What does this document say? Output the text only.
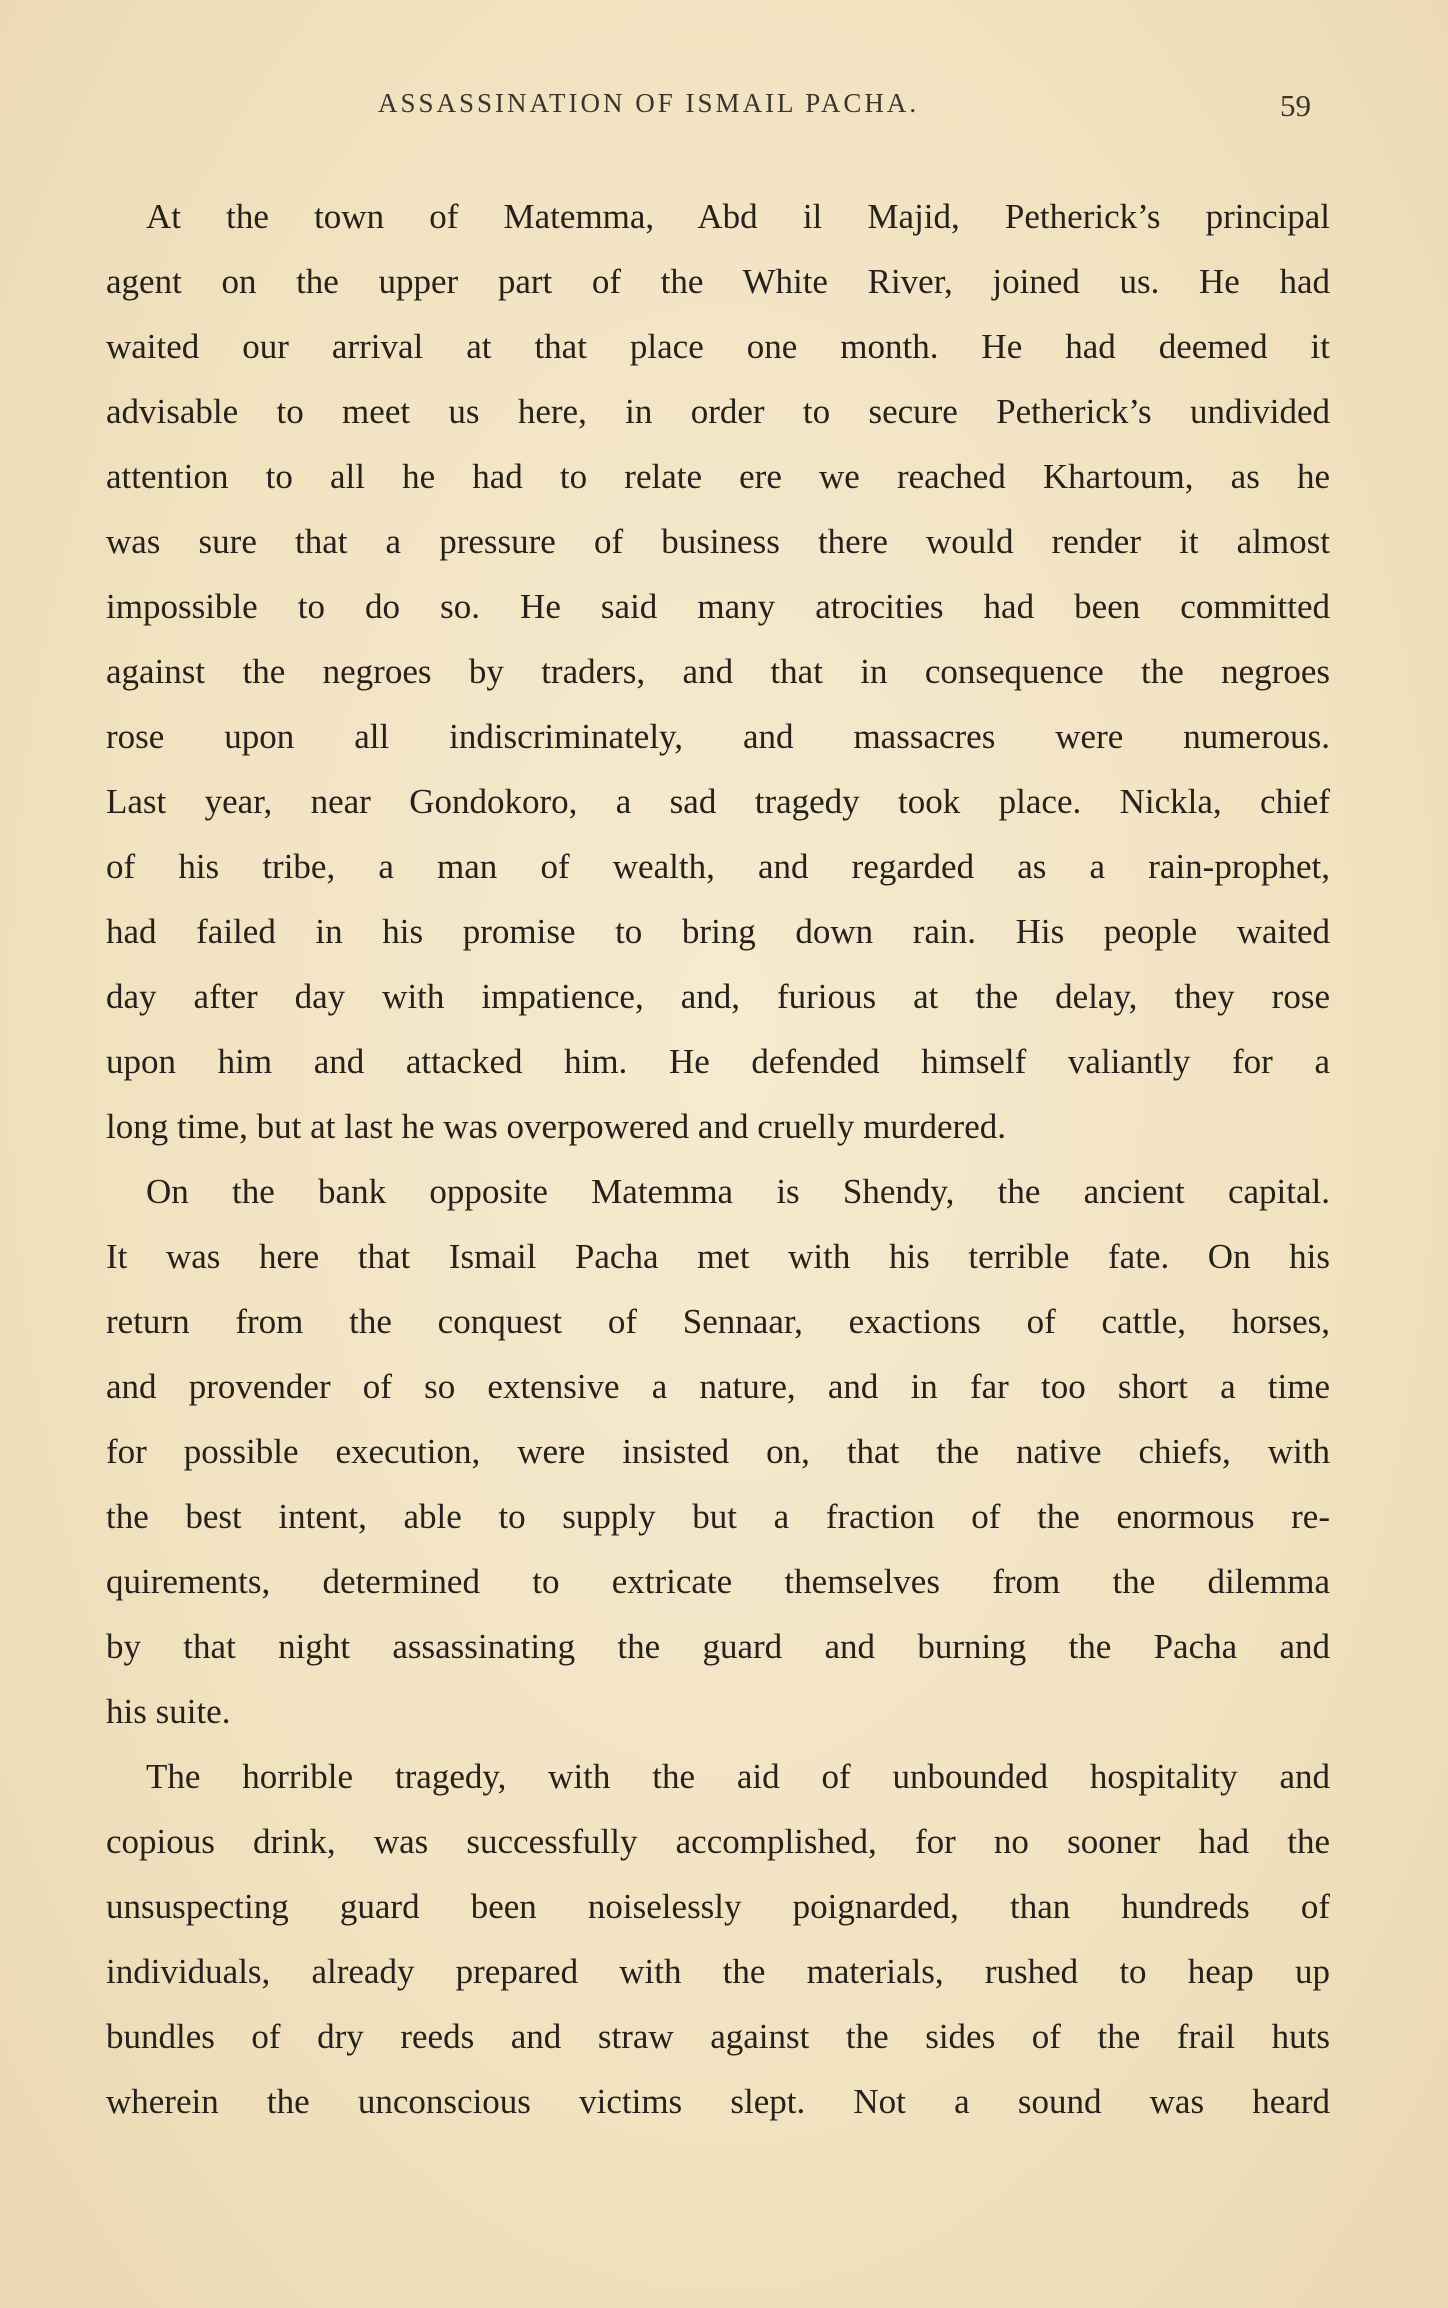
ASSASSINATION OF ISMAIL PACHA.	59
At the town of Matemma, Abd il Majid, Petherick’s principal
agent on the upper part of the White River, joined us. He had
waited our arrival at that place one month. He had deemed it
advisable to meet us here, in order to secure Petherick’s undivided
attention to all he had to relate ere we reached Khartoum, as he
was sure that a pressure of business there would render it almost
impossible to do so. He said many atrocities had been committed
against the negroes by traders, and that in consequence the negroes
rose upon all indiscriminately, and massacres were numerous.
Last year, near Gondokoro, a sad tragedy took place. Nickla, chief
of his tribe, a man of wealth, and regarded as a rain-prophet,
had failed in his promise to bring down rain. His people waited
day after day with impatience, and, furious at the delay, they rose
upon him and attacked him. He defended himself valiantly for a
long time, but at last he was overpowered and cruelly murdered.
On the bank opposite Matemma is Shendy, the ancient capital.
It was here that Ismail Pacha met with his terrible fate. On his
return from the conquest of Sennaar, exactions of cattle, horses,
and provender of so extensive a nature, and in far too short a time
for possible execution, were insisted on, that the native chiefs, with
the best intent, able to supply but a fraction of the enormous re-
quirements, determined to extricate themselves from the dilemma
by that night assassinating the guard and burning the Pacha and
his suite.
The horrible tragedy, with the aid of unbounded hospitality and
copious drink, was successfully accomplished, for no sooner had the
unsuspecting guard been noiselessly poignarded, than hundreds of
individuals, already prepared with the materials, rushed to heap up
bundles of dry reeds and straw against the sides of the frail huts
wherein the unconscious victims slept. Not a sound was heard
